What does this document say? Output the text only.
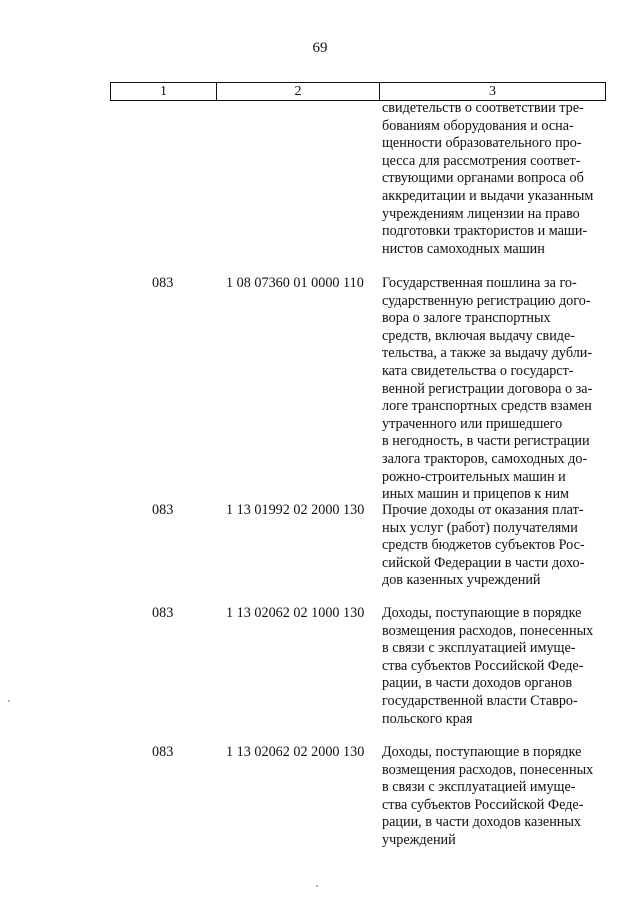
69
1	2	3
свидетельств о соответствии тре-
бованиям оборудования и осна-
щенности образовательного про-
цесса для рассмотрения соответ-
ствующими органами вопроса об
аккредитации и выдачи указанным
учреждениям лицензии на право
подготовки трактористов и маши-
нистов самоходных машин
083	1 08 07360 01 0000 110 Государственная пошлина за го-
сударственную регистрацию дого-
вора о залоге транспортных
средств, включая выдачу свиде-
тельства, а также за выдачу дубли-
ката свидетельства о государст-
венной регистрации договора о за-
логе транспортных средств взамен
утраченного или пришедшего
в негодность, в части регистрации
залога тракторов, самоходных до-
рожно-строительных машин и
иных машин и прицепов к ним
083	1 13 01992 02 2000 130 Прочие доходы от оказания плат-
ных услуг (работ) получателями
средств бюджетов субъектов Рос-
сийской Федерации в части дохо-
дов казенных учреждений
083	1 13 02062 02 1000 130 Доходы, поступающие в порядке
возмещения расходов, понесенных
в связи с эксплуатацией имуще-
ства субъектов Российской Феде-
рации, в части доходов органов
государственной власти Ставро-
польского края
083	1 13 02062 02 2000 130 Доходы, поступающие в порядке
возмещения расходов, понесенных
в связи с эксплуатацией имуще-
ства субъектов Российской Феде-
рации, в части доходов казенных
учреждений
